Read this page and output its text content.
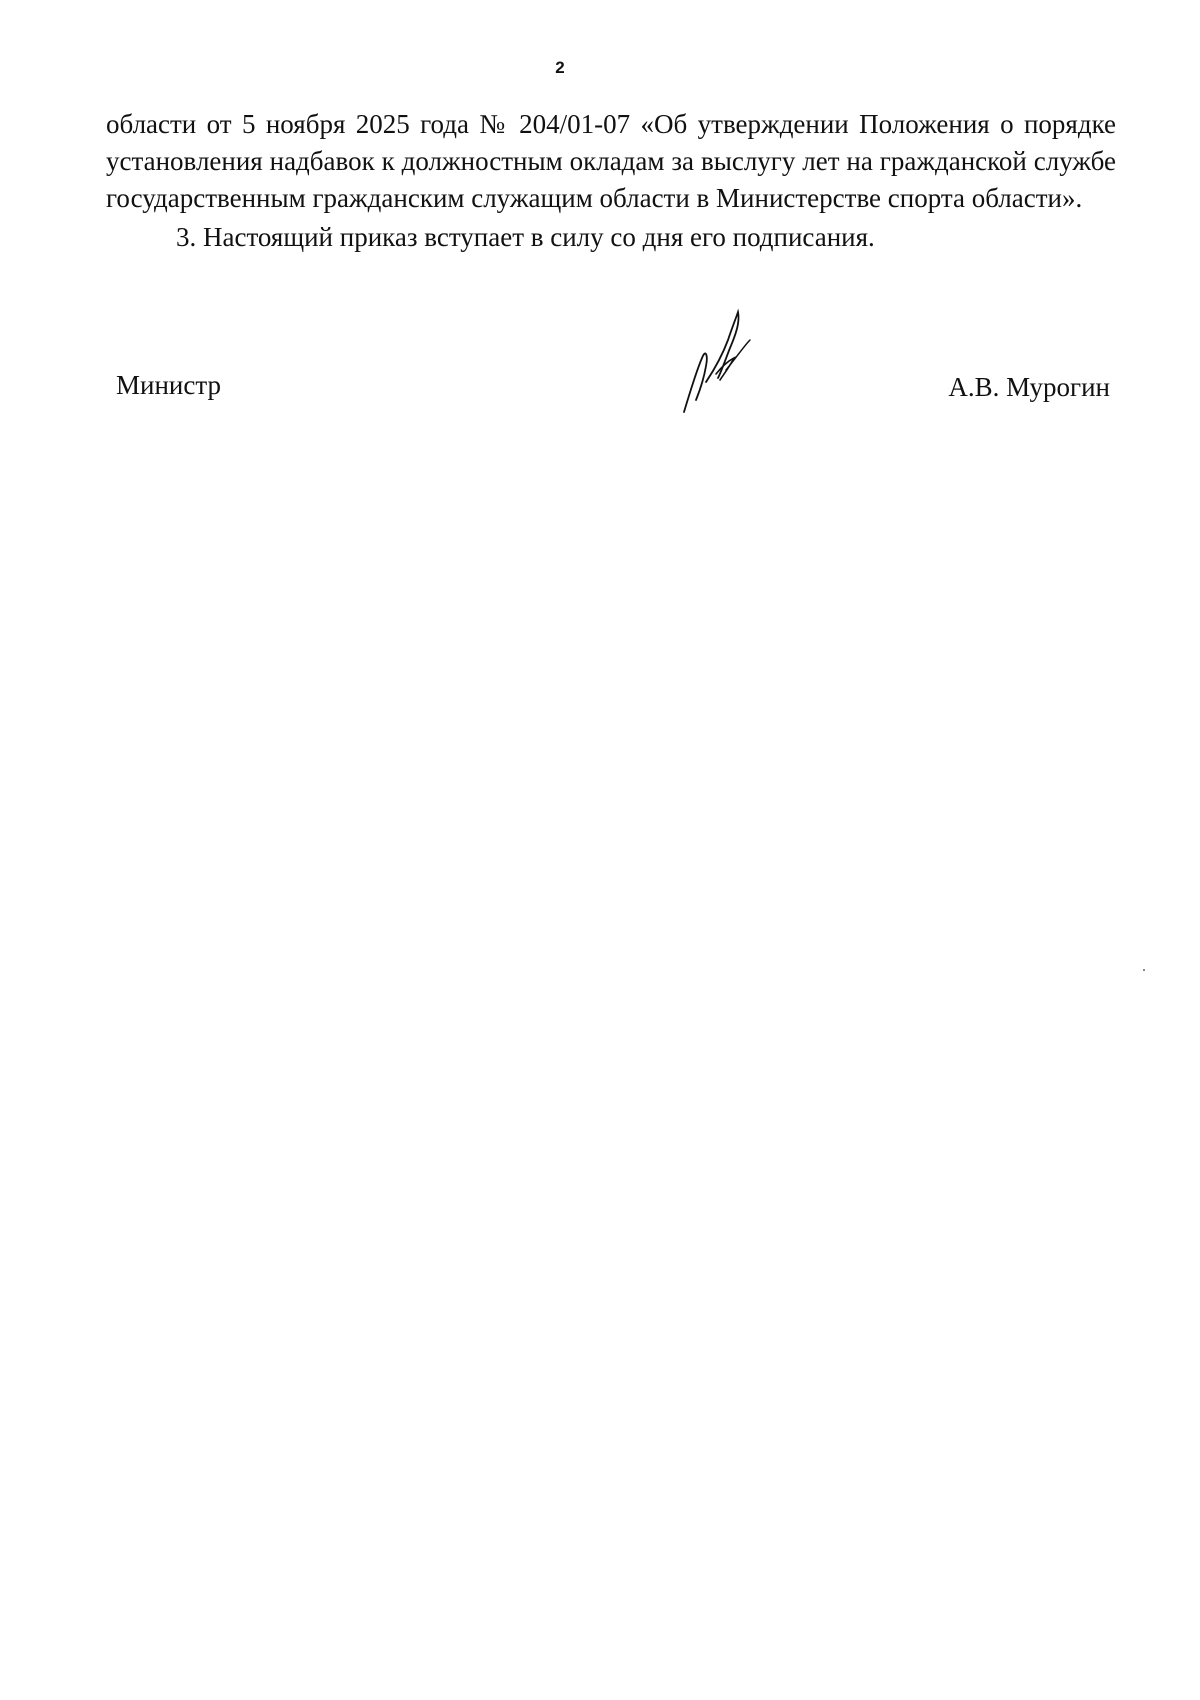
2

области от 5 ноября 2025 года № 204/01-07 «Об утверждении Положения о порядке установления надбавок к должностным окладам за выслугу лет на гражданской службе государственным гражданским служащим области в Министерстве спорта области».

3. Настоящий приказ вступает в силу со дня его подписания.

Министр	А.В. Мурогин
